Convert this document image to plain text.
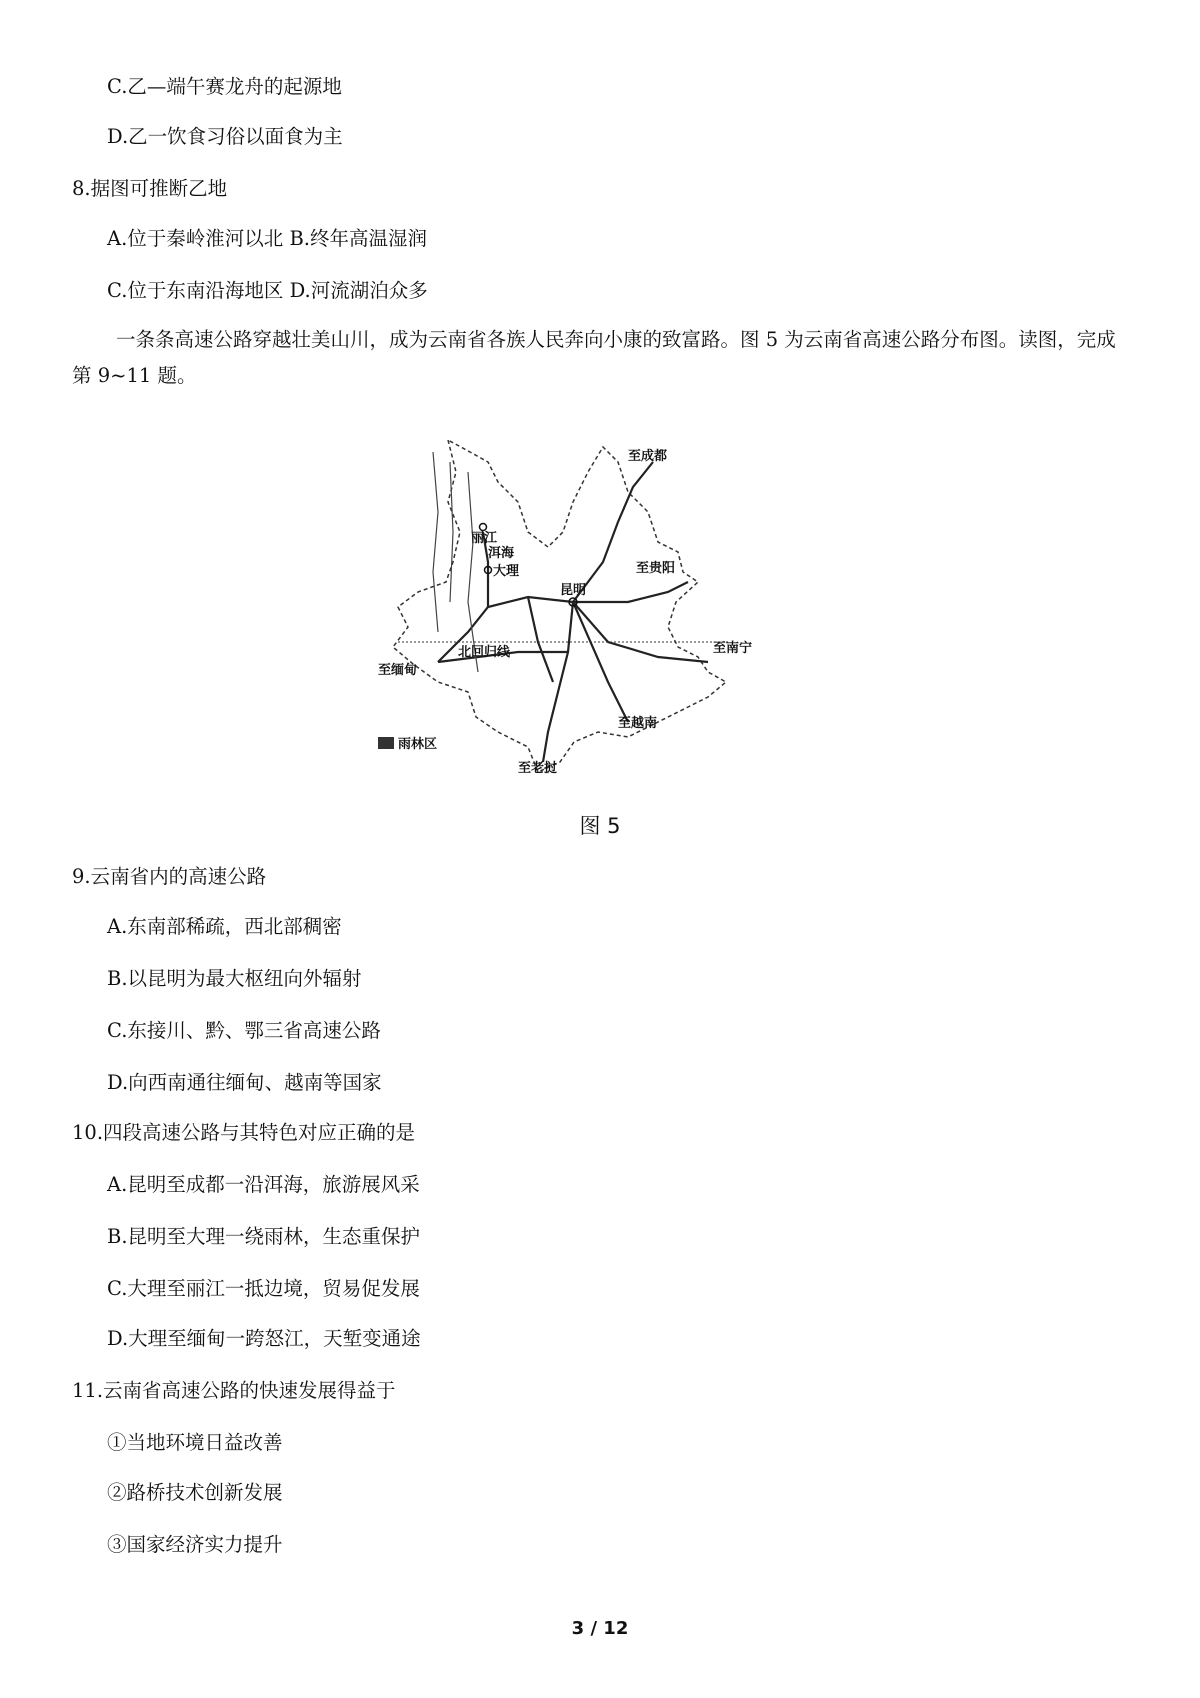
C.乙—端午赛龙舟的起源地
D.乙一饮食习俗以面食为主
8.据图可推断乙地
A.位于秦岭淮河以北 B.终年高温湿润
C.位于东南沿海地区 D.河流湖泊众多
一条条高速公路穿越壮美山川，成为云南省各族人民奔向小康的致富路。图 5 为云南省高速公路分布图。读图，完成第 9~11 题。
至成都
丽江
洱海
大理
昆明
至贵阳
至南宁
至缅甸
北回归线
至越南
雨林区
至老挝
图 5
9.云南省内的高速公路
A.东南部稀疏，西北部稠密
B.以昆明为最大枢纽向外辐射
C.东接川、黔、鄂三省高速公路
D.向西南通往缅甸、越南等国家
10.四段高速公路与其特色对应正确的是
A.昆明至成都一沿洱海，旅游展风采
B.昆明至大理一绕雨林，生态重保护
C.大理至丽江一抵边境，贸易促发展
D.大理至缅甸一跨怒江，天堑变通途
11.云南省高速公路的快速发展得益于
①当地环境日益改善
②路桥技术创新发展
③国家经济实力提升
3 / 12
